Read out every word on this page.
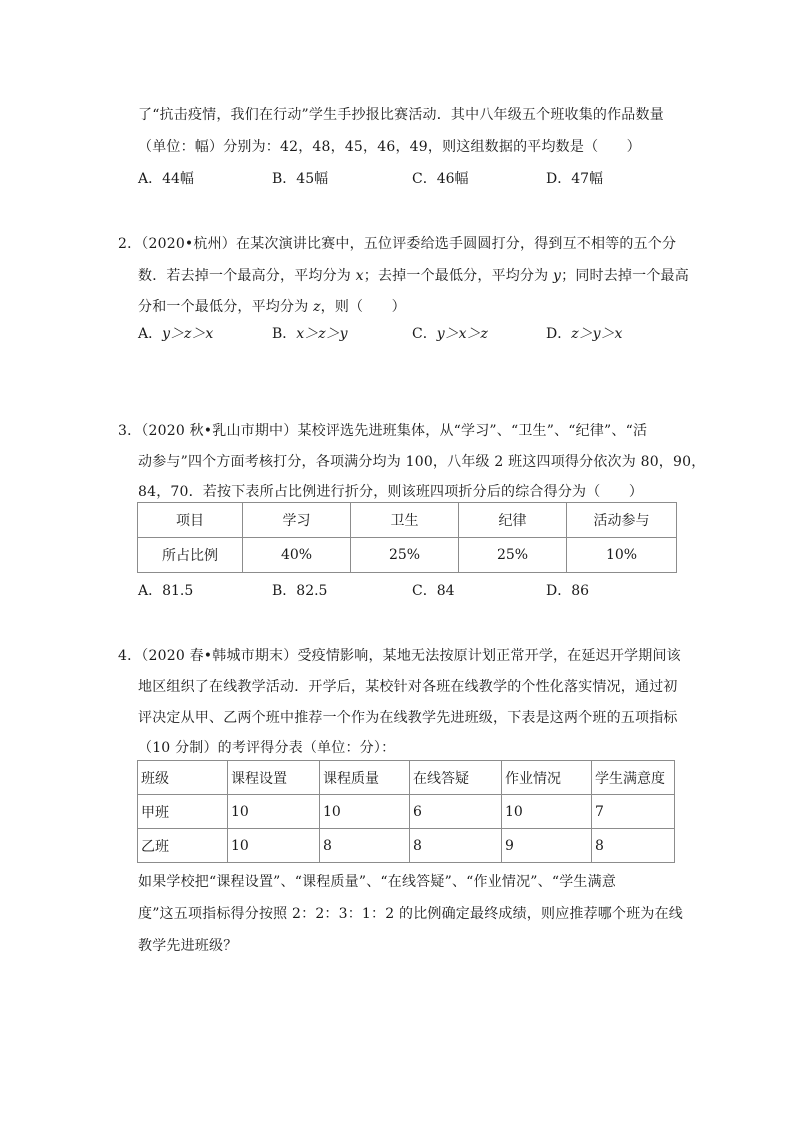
了“抗击疫情，我们在行动”学生手抄报比赛活动．其中八年级五个班收集的作品数量
（单位：幅）分别为：42，48，45，46，49，则这组数据的平均数是（　　）
A．44幅	B．45幅	C．46幅	D．47幅
2．（2020•杭州）在某次演讲比赛中，五位评委给选手圆圆打分，得到互不相等的五个分
数．若去掉一个最高分，平均分为 x；去掉一个最低分，平均分为 y；同时去掉一个最高
分和一个最低分，平均分为 z，则（　　）
A．y＞z＞x	B．x＞z＞y	C．y＞x＞z	D．z＞y＞x
3．（2020 秋•乳山市期中）某校评选先进班集体，从“学习”、“卫生”、“纪律”、“活
动参与”四个方面考核打分，各项满分均为 100，八年级 2 班这四项得分依次为 80，90，
84，70．若按下表所占比例进行折分，则该班四项折分后的综合得分为（　　）
项目	学习	卫生	纪律	活动参与
所占比例	40%	25%	25%	10%
A．81.5	B．82.5	C．84	D．86
4．（2020 春•韩城市期末）受疫情影响，某地无法按原计划正常开学，在延迟开学期间该
地区组织了在线教学活动．开学后，某校针对各班在线教学的个性化落实情况，通过初
评决定从甲、乙两个班中推荐一个作为在线教学先进班级，下表是这两个班的五项指标
（10 分制）的考评得分表（单位：分）：
班级	课程设置	课程质量	在线答疑	作业情况	学生满意度
甲班	10	10	6	10	7
乙班	10	8	8	9	8
如果学校把“课程设置”、“课程质量”、“在线答疑”、“作业情况”、“学生满意
度”这五项指标得分按照 2：2：3：1：2 的比例确定最终成绩，则应推荐哪个班为在线
教学先进班级？
